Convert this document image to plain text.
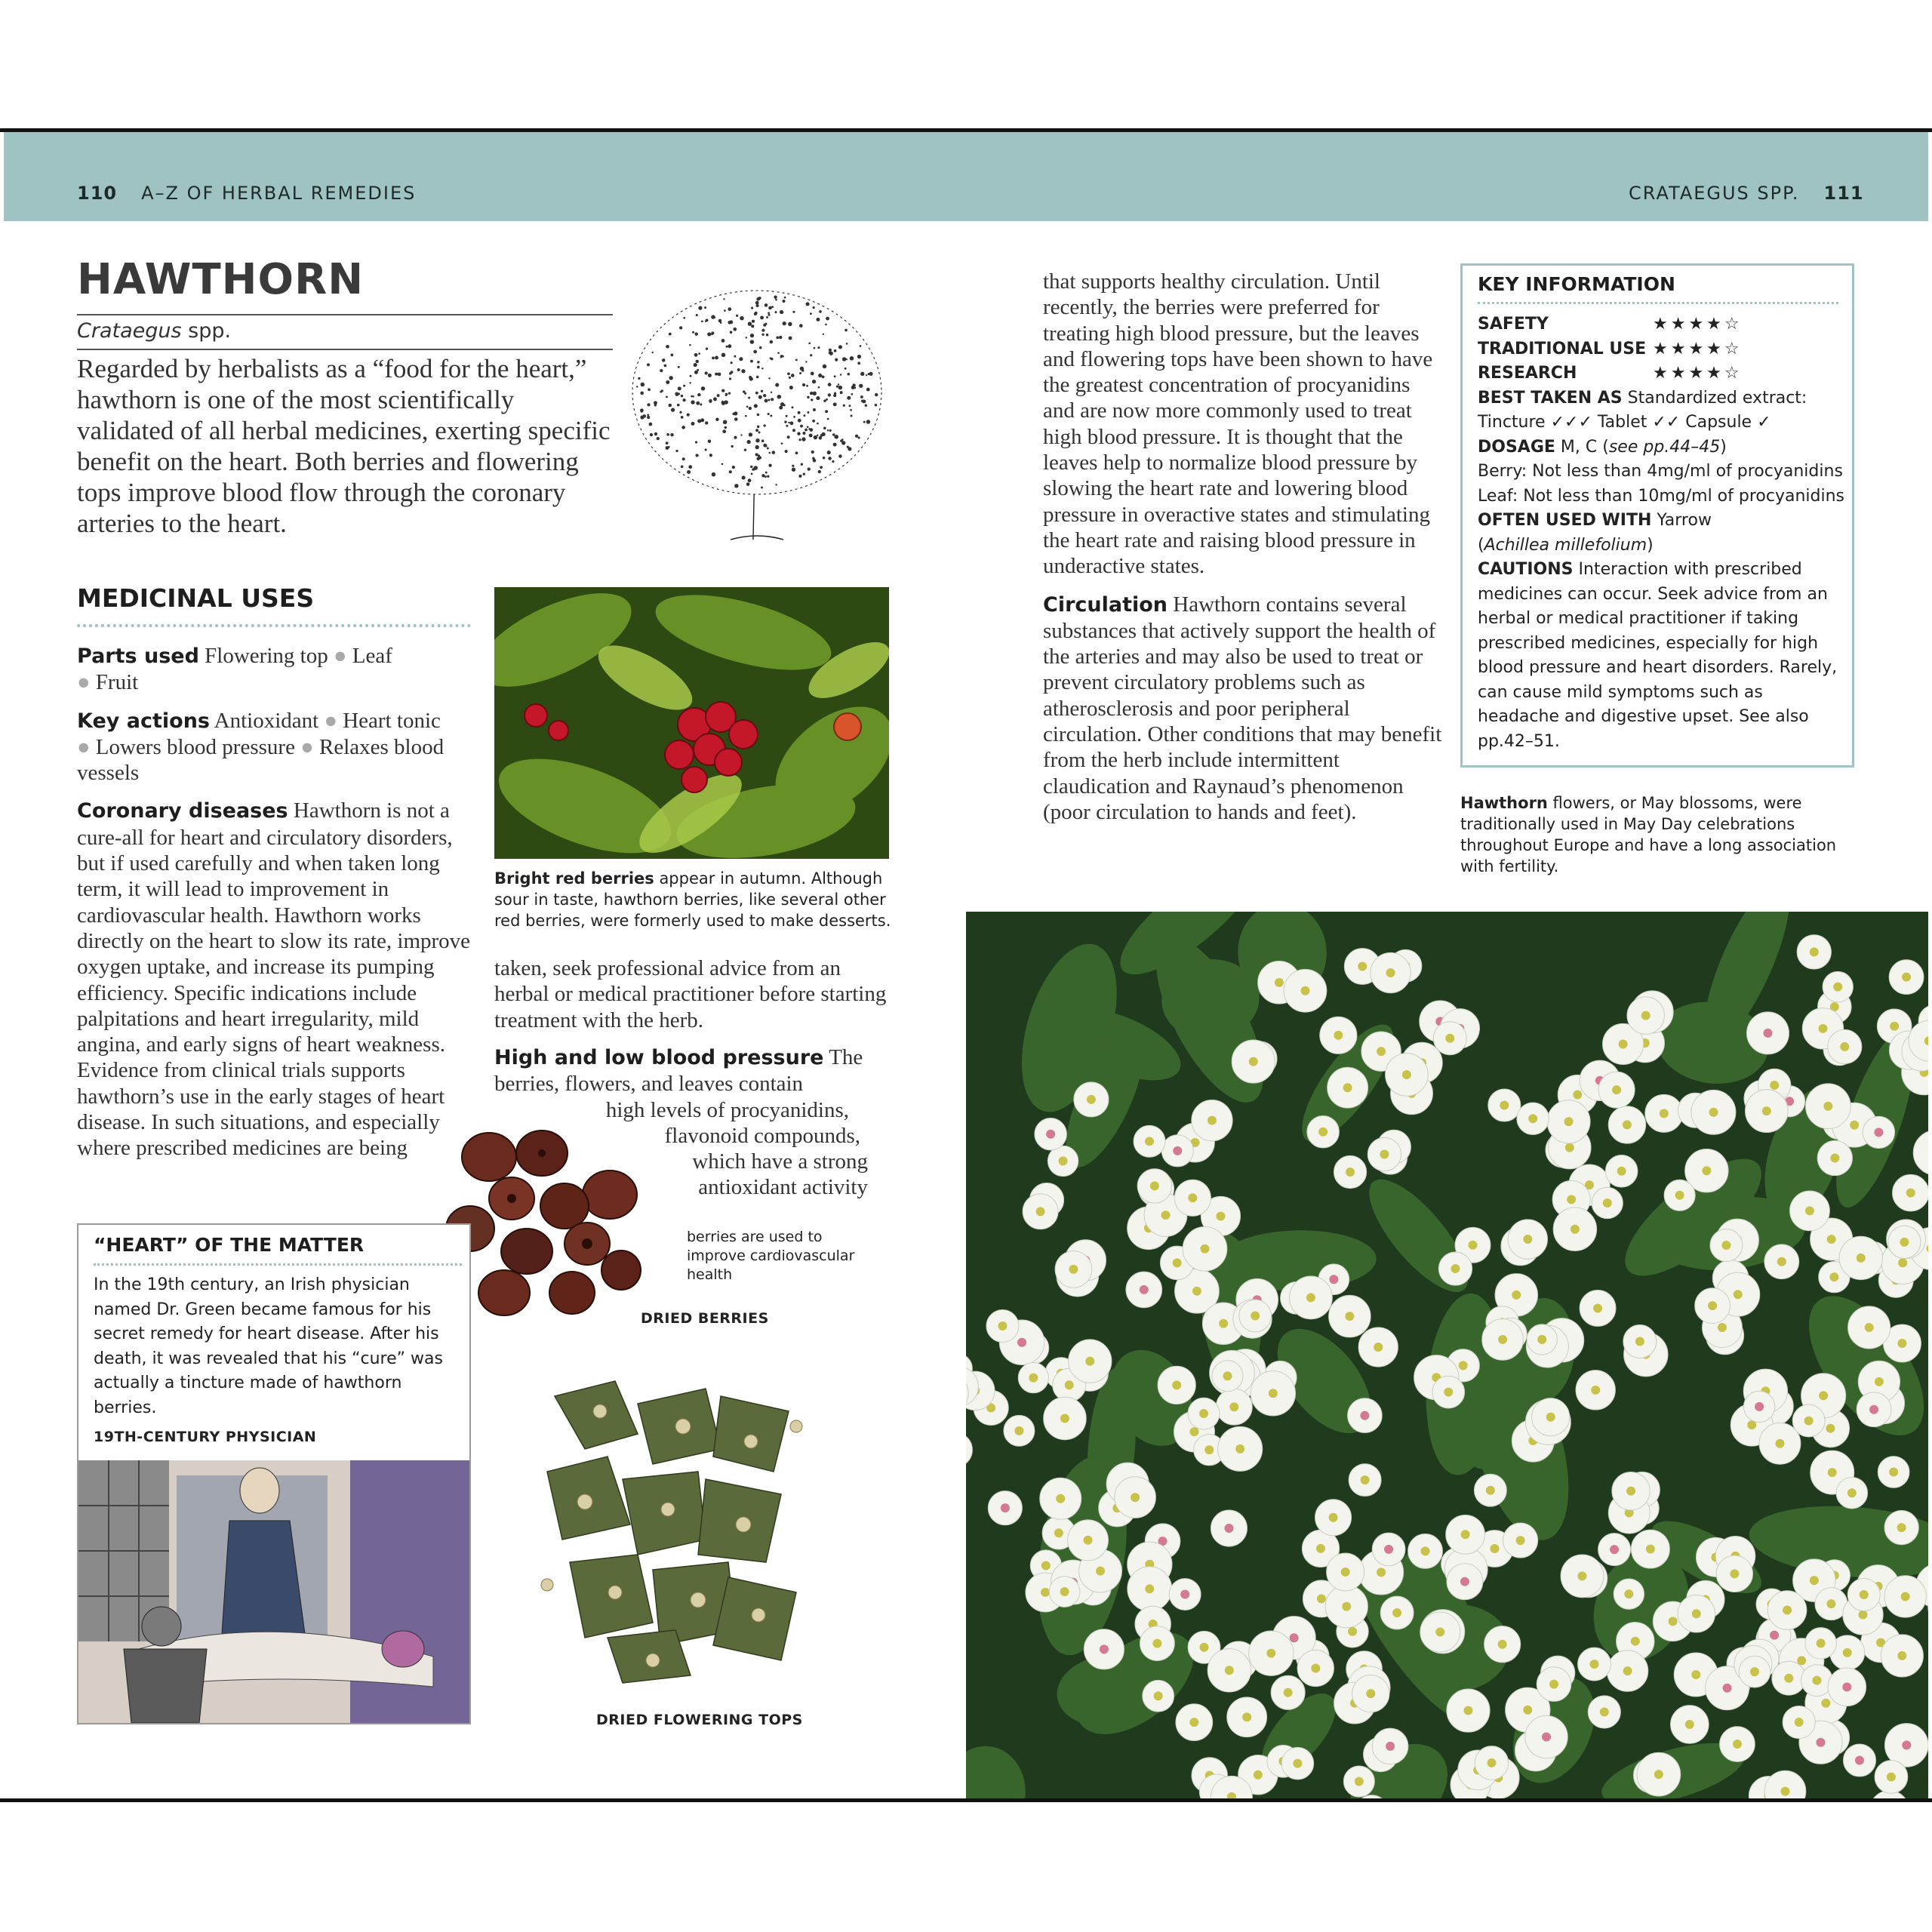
110 A–Z OF HERBAL REMEDIES	CRATAEGUS SPP. 111
HAWTHORN
Crataegus spp.
Regarded by herbalists as a “food for the heart,” hawthorn is one of the most scientifically validated of all herbal medicines, exerting specific benefit on the heart. Both berries and flowering tops improve blood flow through the coronary arteries to the heart.
MEDICINAL USES

Parts used Flowering top ● Leaf
● Fruit

Key actions Antioxidant ● Heart tonic
● Lowers blood pressure ● Relaxes blood vessels

Coronary diseases Hawthorn is not a cure-all for heart and circulatory disorders, but if used carefully and when taken long term, it will lead to improvement in cardiovascular health. Hawthorn works directly on the heart to slow its rate, improve oxygen uptake, and increase its pumping efficiency. Specific indications include palpitations and heart irregularity, mild angina, and early signs of heart weakness. Evidence from clinical trials supports hawthorn’s use in the early stages of heart disease. In such situations, and especially where prescribed medicines are being

Bright red berries appear in autumn. Although sour in taste, hawthorn berries, like several other red berries, were formerly used to make desserts.

taken, seek professional advice from an herbal or medical practitioner before starting treatment with the herb.

High and low blood pressure The
berries, flowers, and leaves contain
high levels of procyanidins,
flavonoid compounds,
which have a strong
antioxidant activity
berries are used to improve cardiovascular health
DRIED BERRIES
DRIED FLOWERING TOPS
“HEART” OF THE MATTER
In the 19th century, an Irish physician named Dr. Green became famous for his secret remedy for heart disease. After his death, it was revealed that his “cure” was actually a tincture made of hawthorn berries.
19TH-CENTURY PHYSICIAN

that supports healthy circulation. Until recently, the berries were preferred for treating high blood pressure, but the leaves and flowering tops have been shown to have the greatest concentration of procyanidins and are now more commonly used to treat high blood pressure. It is thought that the leaves help to normalize blood pressure by slowing the heart rate and lowering blood pressure in overactive states and stimulating the heart rate and raising blood pressure in underactive states.

Circulation Hawthorn contains several substances that actively support the health of the arteries and may also be used to treat or prevent circulatory problems such as atherosclerosis and poor peripheral circulation. Other conditions that may benefit from the herb include intermittent claudication and Raynaud’s phenomenon (poor circulation to hands and feet).

KEY INFORMATION
SAFETY	★★★★☆
TRADITIONAL USE ★★★★☆
RESEARCH	★★★★☆
BEST TAKEN AS Standardized extract:
Tincture ✓✓✓ Tablet ✓✓ Capsule ✓
DOSAGE M, C (see pp.44–45)
Berry: Not less than 4mg/ml of procyanidins
Leaf: Not less than 10mg/ml of procyanidins
OFTEN USED WITH Yarrow
(Achillea millefolium)
CAUTIONS Interaction with prescribed medicines can occur. Seek advice from an herbal or medical practitioner if taking prescribed medicines, especially for high blood pressure and heart disorders. Rarely, can cause mild symptoms such as headache and digestive upset. See also pp.42–51.
Hawthorn flowers, or May blossoms, were traditionally used in May Day celebrations throughout Europe and have a long association with fertility.
